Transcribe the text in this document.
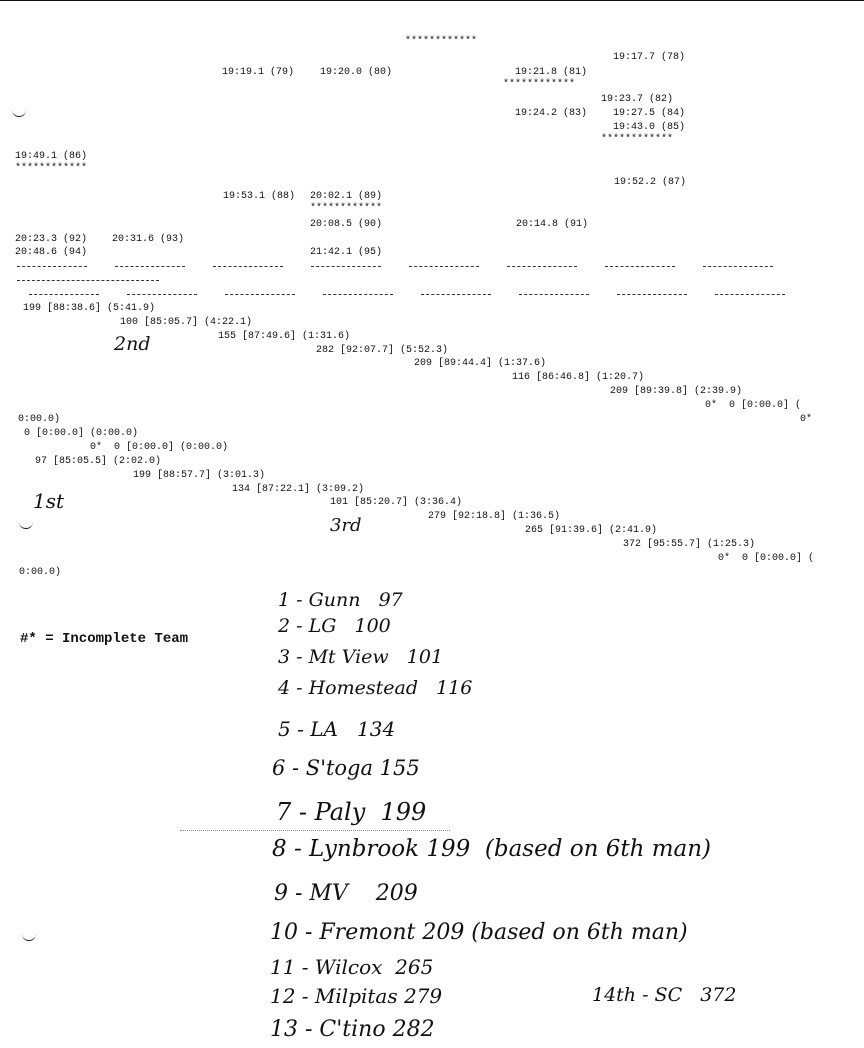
************
19:17.7 (78)
19:19.1 (79)	19:20.0 (80)	19:21.8 (81)
************
19:23.7 (82)
19:24.2 (83)	19:27.5 (84)
19:43.0 (85)
************
19:49.1 (86)
************
19:52.2 (87)
19:53.1 (88) 20:02.1 (89)
************
20:08.5 (90)	20:14.8 (91)
20:23.3 (92) 20:31.6 (93)
20:48.6 (94)	21:42.1 (95)
199 [88:38.6] (5:41.9)
100 [85:05.7] (4:22.1)
155 [87:49.6] (1:31.6)
282 [92:07.7] (5:52.3)
209 [89:44.4] (1:37.6)
116 [86:46.8] (1:20.7)
209 [89:39.8] (2:39.9)
0*  0 [0:00.0] (
0*
0:00.0)
0 [0:00.0] (0:00.0)
0*  0 [0:00.0] (0:00.0)
97 [85:05.5] (2:02.0)
199 [88:57.7] (3:01.3)
134 [87:22.1] (3:09.2)
101 [85:20.7] (3:36.4)
279 [92:18.8] (1:36.5)
265 [91:39.6] (2:41.9)
372 [95:55.7] (1:25.3)
0*  0 [0:00.0] (
0:00.0)
2nd
1st
3rd
#* = Incomplete Team
1 - Gunn   97
2 - LG   100
3 - Mt View   101
4 - Homestead   116
5 - LA   134
6 - S'toga 155
7 - Paly  199
8 - Lynbrook 199  (based on 6th man)
9 - MV    209
10 - Fremont 209 (based on 6th man)
11 - Wilcox  265
12 - Milpitas 279
13 - C'tino 282
14th - SC   372
